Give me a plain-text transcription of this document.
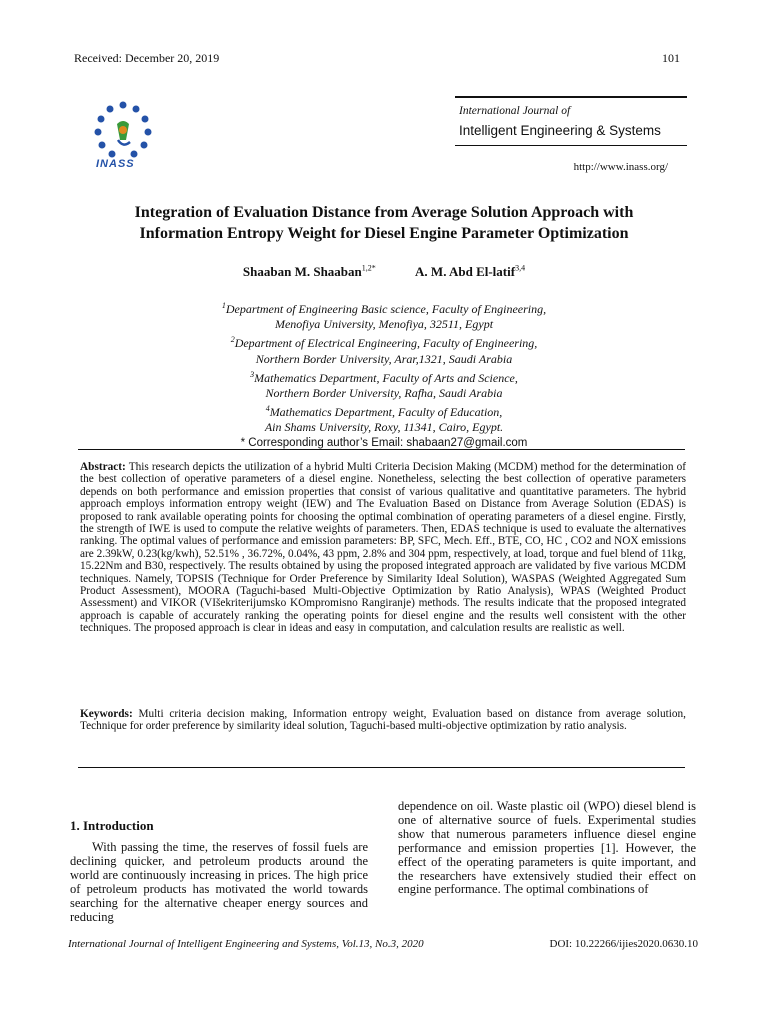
Received: December 20, 2019	101
INASS
International Journal of
Intelligent Engineering & Systems
http://www.inass.org/
Integration of Evaluation Distance from Average Solution Approach with
Information Entropy Weight for Diesel Engine Parameter Optimization
Shaaban M. Shaaban$^{1,2*}$	A. M. Abd El-latif$^{3,4}$
$^1$Department of Engineering Basic science, Faculty of Engineering,
Menofiya University, Menofiya, 32511, Egypt
$^2$Department of Electrical Engineering, Faculty of Engineering,
Northern Border University, Arar,1321, Saudi Arabia
$^3$Mathematics Department, Faculty of Arts and Science,
Northern Border University, Rafha, Saudi Arabia
$^4$Mathematics Department, Faculty of Education,
Ain Shams University, Roxy, 11341, Cairo, Egypt.
* Corresponding author’s Email: shabaan27@gmail.com
Abstract: This research depicts the utilization of a hybrid Multi Criteria Decision Making (MCDM) method for the determination of the best collection of operative parameters of a diesel engine. Nonetheless, selecting the best collection of operative parameters depends on both performance and emission properties that consist of various qualitative and quantitative parameters. The hybrid approach employs information entropy weight (IEW) and The Evaluation Based on Distance from Average Solution (EDAS) is proposed to rank available operating points for choosing the optimal combination of operating parameters of a diesel engine. Firstly, the strength of IWE is used to compute the relative weights of parameters. Then, EDAS technique is used to evaluate the alternatives ranking. The optimal values of performance and emission parameters: BP, SFC, Mech. Eff., BTE, CO, HC , CO2 and NOX emissions are 2.39kW, 0.23(kg/kwh), 52.51% , 36.72%, 0.04%, 43 ppm, 2.8% and 304 ppm, respectively, at load, torque and fuel blend of 11kg, 15.22Nm and B30, respectively. The results obtained by using the proposed integrated approach are validated by five various MCDM techniques. Namely, TOPSIS (Technique for Order Preference by Similarity Ideal Solution), WASPAS (Weighted Aggregated Sum Product Assessment), MOORA (Taguchi-based Multi-Objective Optimization by Ratio Analysis), WPAS (Weighted Product Assessment) and VIKOR (VIšekriterijumsko KOmpromisno Rangiranje) methods. The results indicate that the proposed integrated approach is capable of accurately ranking the operating points for diesel engine and the results well consistent with the other techniques. The proposed approach is clear in ideas and easy in computation, and calculation results are realistic as well.
Keywords: Multi criteria decision making, Information entropy weight, Evaluation based on distance from average solution, Technique for order preference by similarity ideal solution, Taguchi-based multi-objective optimization by ratio analysis.
1. Introduction
With passing the time, the reserves of fossil fuels are declining quicker, and petroleum products around the world are continuously increasing in prices. The high price of petroleum products has motivated the world towards searching for the alternative cheaper energy sources and reducing
dependence on oil. Waste plastic oil (WPO) diesel blend is one of alternative source of fuels. Experimental studies show that numerous parameters influence diesel engine performance and emission properties [1]. However, the effect of the operating parameters is quite important, and the researchers have extensively studied their effect on engine performance. The optimal combinations of
International Journal of Intelligent Engineering and Systems, Vol.13, No.3, 2020	DOI: 10.22266/ijies2020.0630.10
